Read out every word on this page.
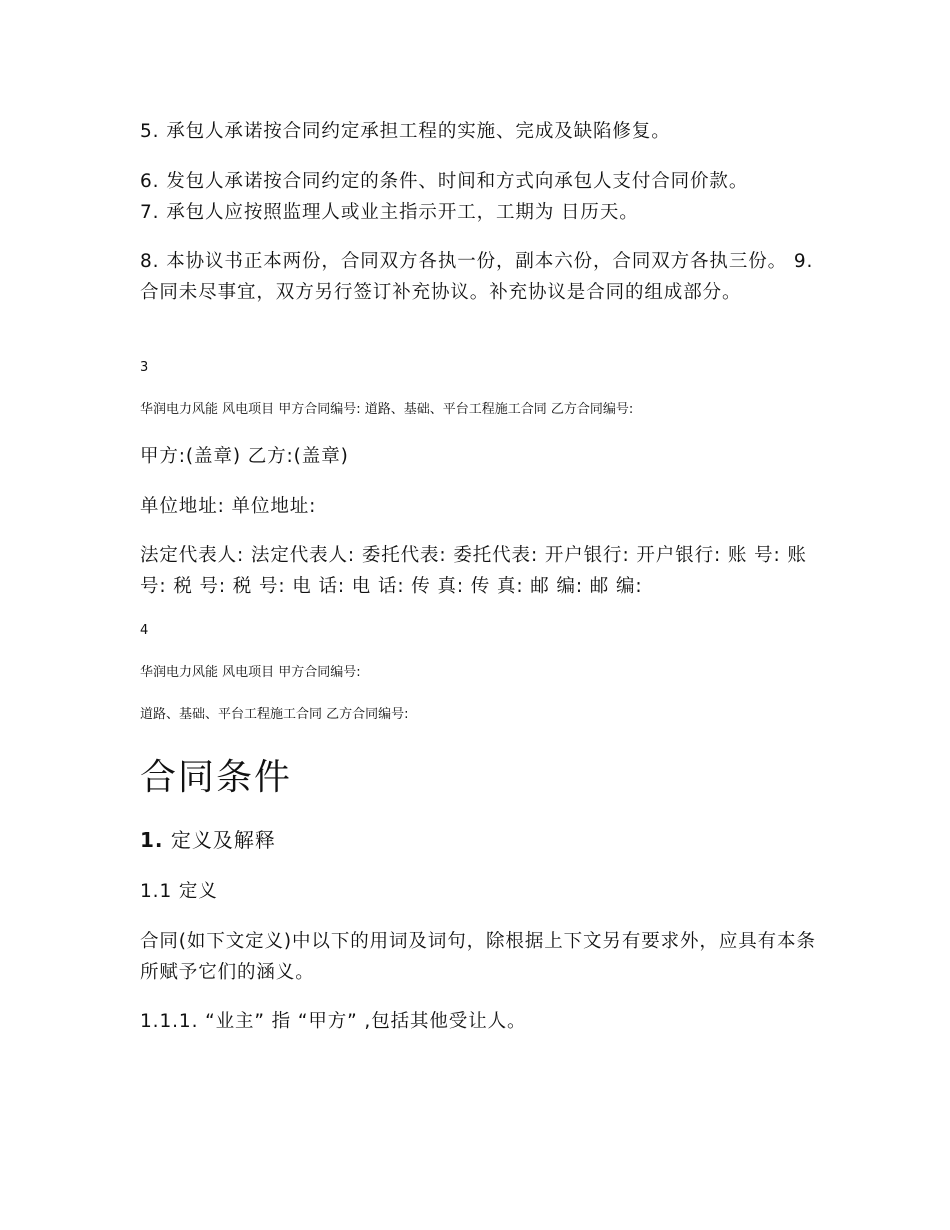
5. 承包人承诺按合同约定承担工程的实施、完成及缺陷修复。

6. 发包人承诺按合同约定的条件、时间和方式向承包人支付合同价款。

7. 承包人应按照监理人或业主指示开工，工期为 日历天。

8. 本协议书正本两份，合同双方各执一份，副本六份，合同双方各执三份。 9. 合同未尽事宜，双方另行签订补充协议。补充协议是合同的组成部分。

3
华润电力风能 风电项目 甲方合同编号: 道路、基础、平台工程施工合同 乙方合同编号:

甲方:(盖章) 乙方:(盖章)

单位地址: 单位地址:

法定代表人: 法定代表人: 委托代表: 委托代表: 开户银行: 开户银行: 账 号: 账 号: 税 号: 税 号: 电 话: 电 话: 传 真: 传 真: 邮 编: 邮 编:

4
华润电力风能 风电项目 甲方合同编号:
道路、基础、平台工程施工合同 乙方合同编号:
合同条件
1. 定义及解释

1.1 定义

合同(如下文定义)中以下的用词及词句，除根据上下文另有要求外，应具有本条所赋予它们的涵义。

1.1.1. “业主” 指 “甲方” ,包括其他受让人。
